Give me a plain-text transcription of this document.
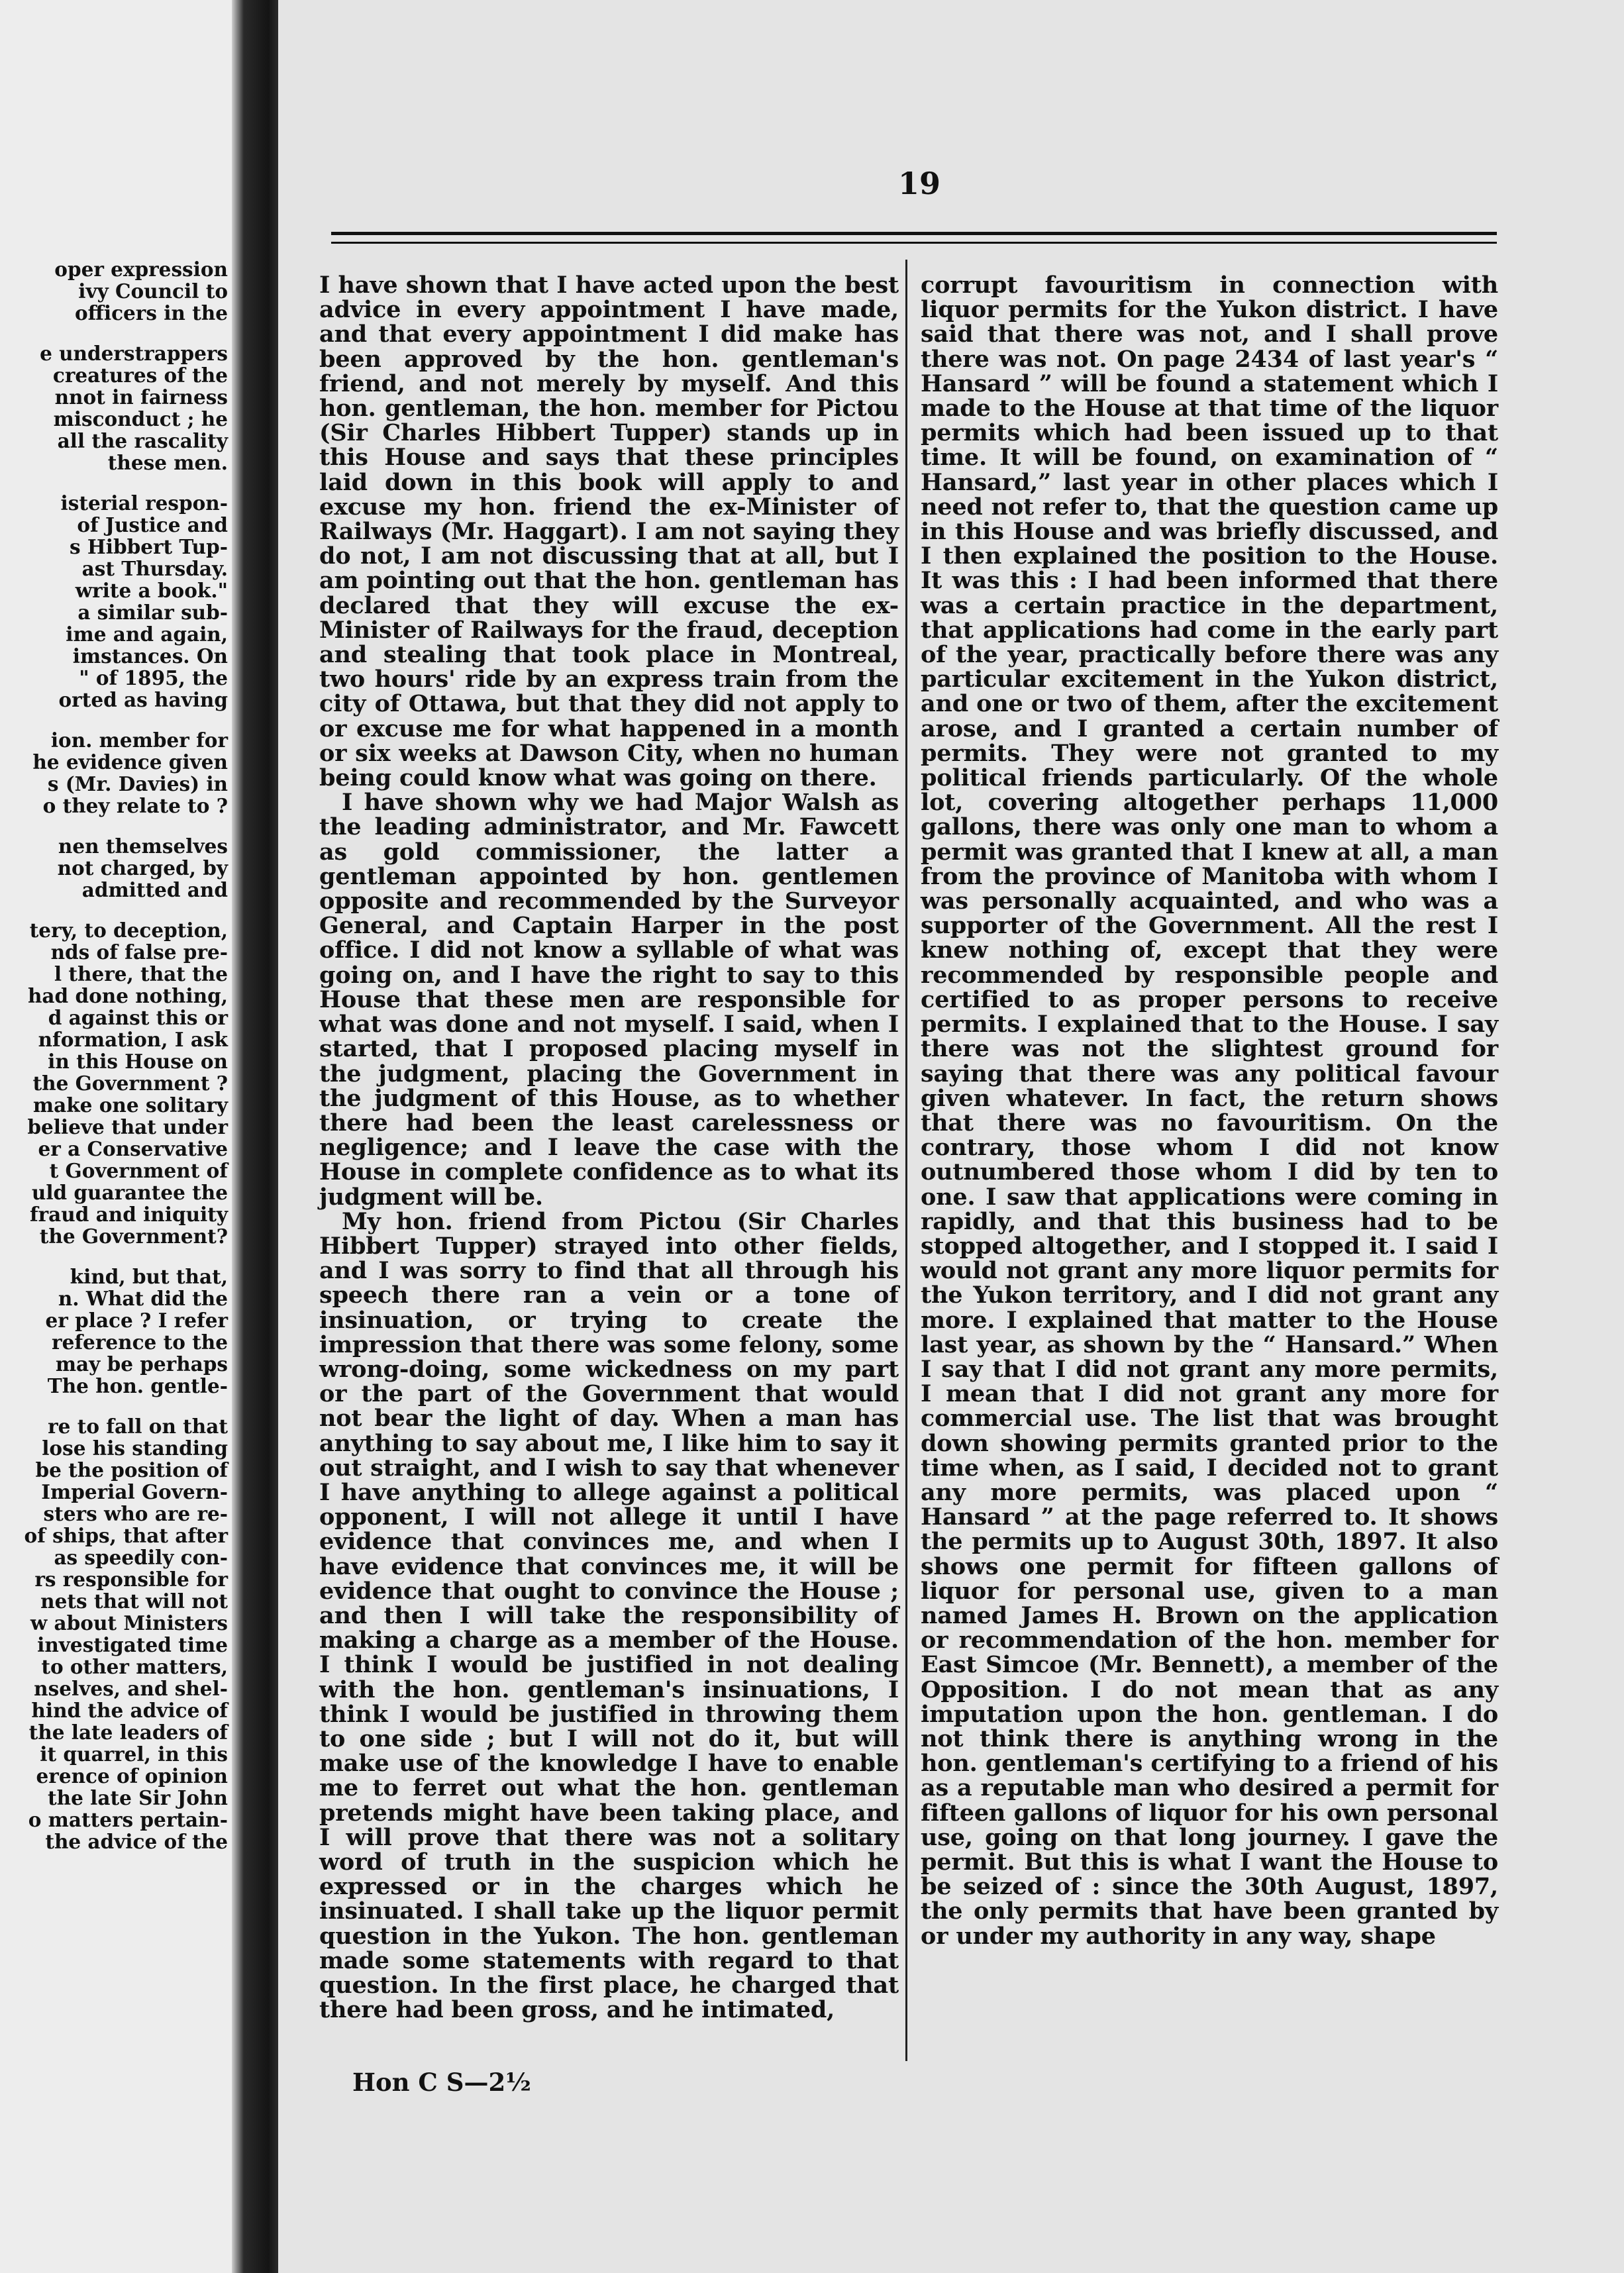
oper expression
ivy Council to
officers in the
e understrappers
creatures of the
nnot in fairness
misconduct ; he
all the rascality
these men.
isterial respon-
of Justice and
s Hibbert Tup-
ast Thursday.
write a book."
a similar sub-
ime and again,
imstances. On
" of 1895, the
orted as having
ion. member for
he evidence given
s (Mr. Davies) in
o they relate to ?
nen themselves
not charged, by
admitted and
tery, to deception,
nds of false pre-
l there, that the
had done nothing,
d against this or
nformation, I ask
in this House on
the Government ?
make one solitary
believe that under
er a Conservative
t Government of
uld guarantee the
fraud and iniquity
the Government?
kind, but that,
n. What did the
er place ? I refer
reference to the
may be perhaps
The hon. gentle-
re to fall on that
lose his standing
be the position of
Imperial Govern-
sters who are re-
of ships, that after
as speedily con-
rs responsible for
nets that will not
w about Ministers
investigated time
to other matters,
nselves, and shel-
hind the advice of
the late leaders of
it quarrel, in this
erence of opinion
the late Sir John
o matters pertain-
the advice of the
19

I have shown that I have acted upon the best advice in every appointment I have made, and that every appointment I did make has been approved by the hon. gentleman's friend, and not merely by myself. And this hon. gentleman, the hon. member for Pictou (Sir Charles Hibbert Tupper) stands up in this House and says that these principles laid down in this book will apply to and excuse my hon. friend the ex-Minister of Railways (Mr. Haggart). I am not saying they do not, I am not discussing that at all, but I am pointing out that the hon. gentleman has declared that they will excuse the ex-Minister of Railways for the fraud, deception and stealing that took place in Montreal, two hours' ride by an express train from the city of Ottawa, but that they did not apply to or excuse me for what happened in a month or six weeks at Dawson City, when no human being could know what was going on there.

I have shown why we had Major Walsh as the leading administrator, and Mr. Fawcett as gold commissioner, the latter a gentleman appointed by hon. gentlemen opposite and recommended by the Surveyor General, and Captain Harper in the post office. I did not know a syllable of what was going on, and I have the right to say to this House that these men are responsible for what was done and not myself. I said, when I started, that I proposed placing myself in the judgment, placing the Government in the judgment of this House, as to whether there had been the least carelessness or negligence; and I leave the case with the House in complete confidence as to what its judgment will be.

My hon. friend from Pictou (Sir Charles Hibbert Tupper) strayed into other fields, and I was sorry to find that all through his speech there ran a vein or a tone of insinuation, or trying to create the impression that there was some felony, some wrong-doing, some wickedness on my part or the part of the Government that would not bear the light of day. When a man has anything to say about me, I like him to say it out straight, and I wish to say that whenever I have anything to allege against a political opponent, I will not allege it until I have evidence that convinces me, and when I have evidence that convinces me, it will be evidence that ought to convince the House ; and then I will take the responsibility of making a charge as a member of the House. I think I would be justified in not dealing with the hon. gentleman's insinuations, I think I would be justified in throwing them to one side ; but I will not do it, but will make use of the knowledge I have to enable me to ferret out what the hon. gentleman pretends might have been taking place, and I will prove that there was not a solitary word of truth in the suspicion which he expressed or in the charges which he insinuated. I shall take up the liquor permit question in the Yukon. The hon. gentleman made some statements with regard to that question. In the first place, he charged that there had been gross, and he intimated,

corrupt favouritism in connection with liquor permits for the Yukon district. I have said that there was not, and I shall prove there was not. On page 2434 of last year's “ Hansard ” will be found a statement which I made to the House at that time of the liquor permits which had been issued up to that time. It will be found, on examination of “ Hansard,” last year in other places which I need not refer to, that the question came up in this House and was briefly discussed, and I then explained the position to the House. It was this : I had been informed that there was a certain practice in the department, that applications had come in the early part of the year, practically before there was any particular excitement in the Yukon district, and one or two of them, after the excitement arose, and I granted a certain number of permits. They were not granted to my political friends particularly. Of the whole lot, covering altogether perhaps 11,000 gallons, there was only one man to whom a permit was granted that I knew at all, a man from the province of Manitoba with whom I was personally acquainted, and who was a supporter of the Government. All the rest I knew nothing of, except that they were recommended by responsible people and certified to as proper persons to receive permits. I explained that to the House. I say there was not the slightest ground for saying that there was any political favour given whatever. In fact, the return shows that there was no favouritism. On the contrary, those whom I did not know outnumbered those whom I did by ten to one. I saw that applications were coming in rapidly, and that this business had to be stopped altogether, and I stopped it. I said I would not grant any more liquor permits for the Yukon territory, and I did not grant any more. I explained that matter to the House last year, as shown by the “ Hansard.” When I say that I did not grant any more permits, I mean that I did not grant any more for commercial use. The list that was brought down showing permits granted prior to the time when, as I said, I decided not to grant any more permits, was placed upon “ Hansard ” at the page referred to. It shows the permits up to August 30th, 1897. It also shows one permit for fifteen gallons of liquor for personal use, given to a man named James H. Brown on the application or recommendation of the hon. member for East Simcoe (Mr. Bennett), a member of the Opposition. I do not mean that as any imputation upon the hon. gentleman. I do not think there is anything wrong in the hon. gentleman's certifying to a friend of his as a reputable man who desired a permit for fifteen gallons of liquor for his own personal use, going on that long journey. I gave the permit. But this is what I want the House to be seized of : since the 30th August, 1897, the only permits that have been granted by or under my authority in any way, shape

Hon C S—2½
